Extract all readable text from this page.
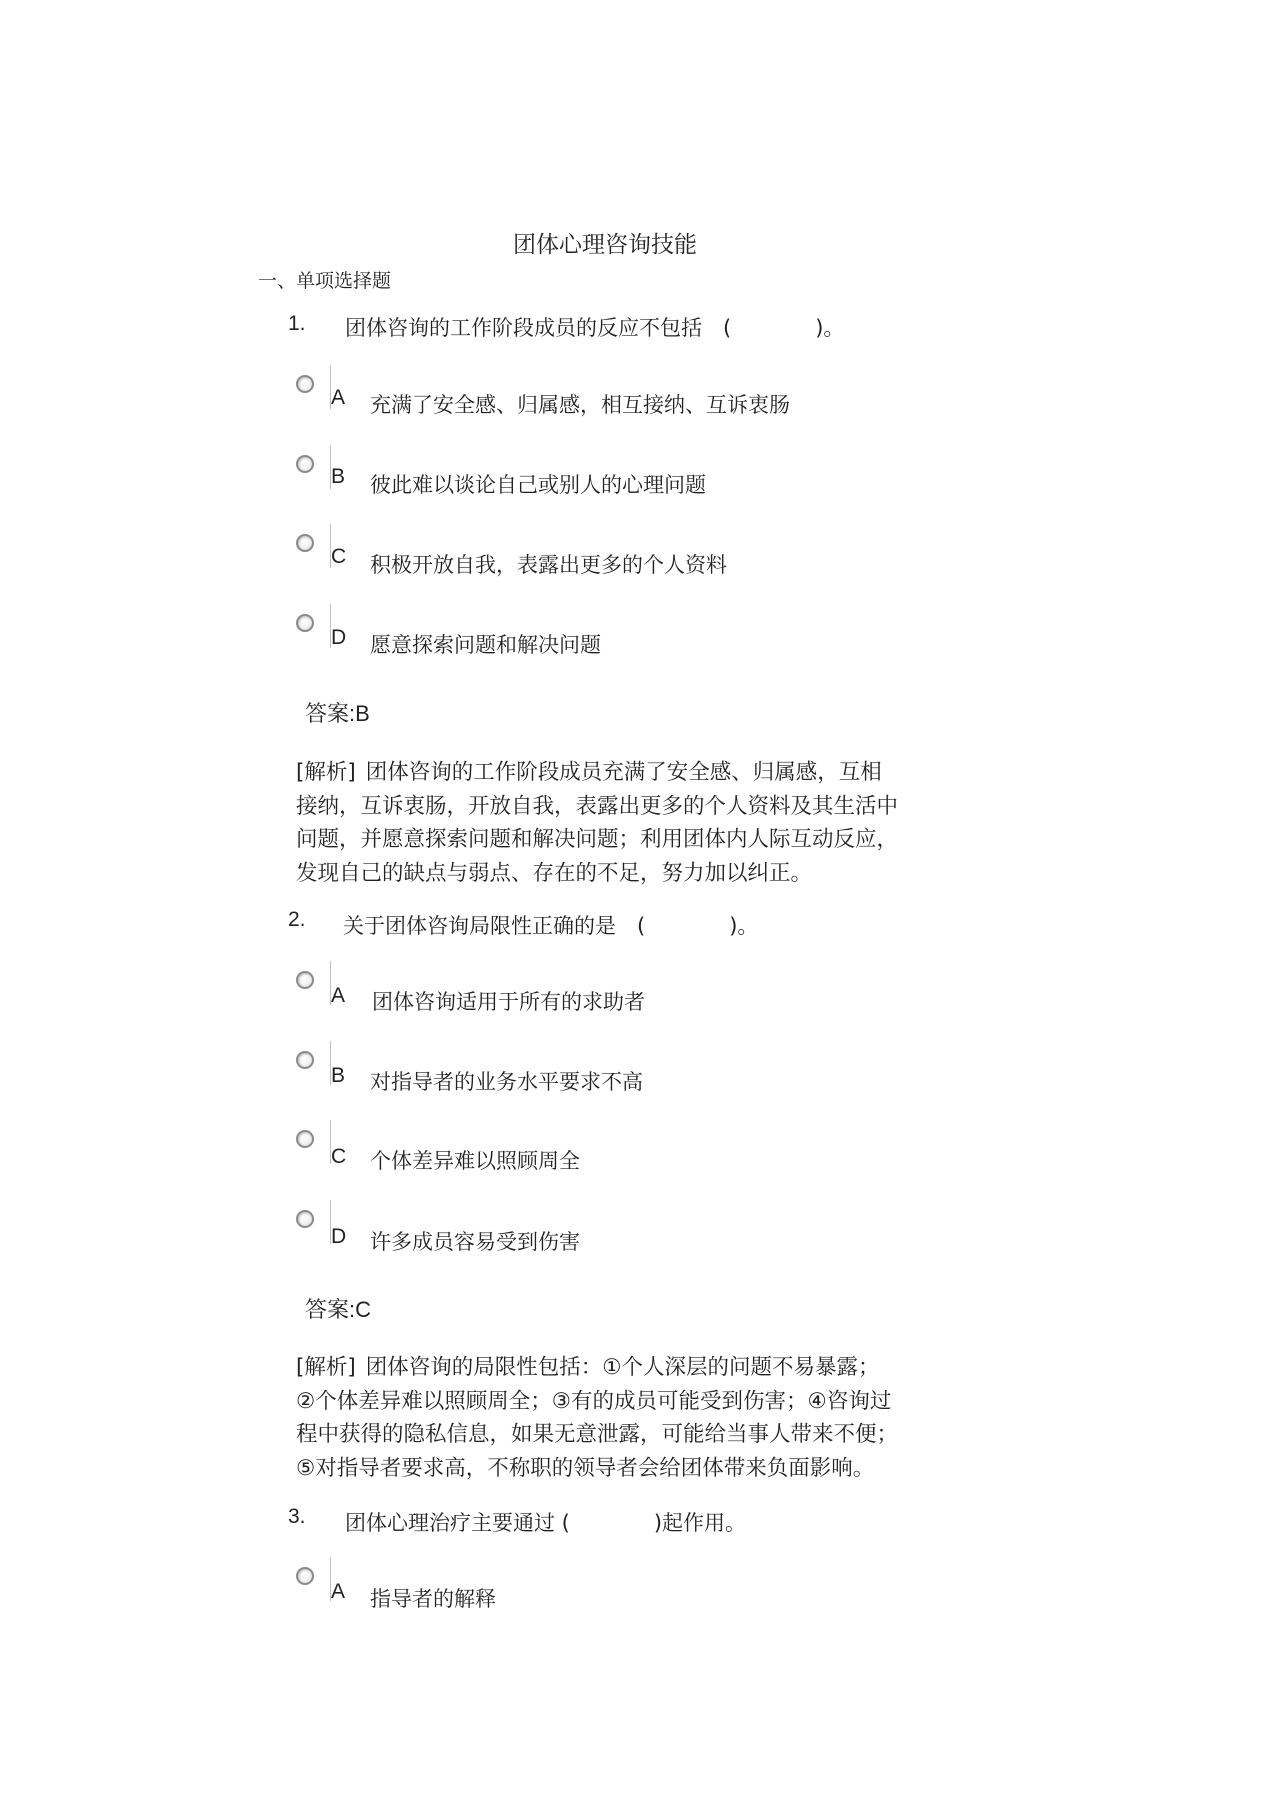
团体心理咨询技能
一、单项选择题
1. 团体咨询的工作阶段成员的反应不包括　(　　　　)。
A 充满了安全感、归属感，相互接纳、互诉衷肠
B 彼此难以谈论自己或别人的心理问题
C 积极开放自我，表露出更多的个人资料
D 愿意探索问题和解决问题
答案:B
[解析] 团体咨询的工作阶段成员充满了安全感、归属感，互相
接纳，互诉衷肠，开放自我，表露出更多的个人资料及其生活中
问题，并愿意探索问题和解决问题；利用团体内人际互动反应，
发现自己的缺点与弱点、存在的不足，努力加以纠正。
2. 关于团体咨询局限性正确的是　(　　　　)。
A 团体咨询适用于所有的求助者
B 对指导者的业务水平要求不高
C 个体差异难以照顾周全
D 许多成员容易受到伤害
答案:C
[解析] 团体咨询的局限性包括：①个人深层的问题不易暴露；
②个体差异难以照顾周全；③有的成员可能受到伤害；④咨询过
程中获得的隐私信息，如果无意泄露，可能给当事人带来不便；
⑤对指导者要求高，不称职的领导者会给团体带来负面影响。
3. 团体心理治疗主要通过 (　　　　)起作用。
A 指导者的解释
